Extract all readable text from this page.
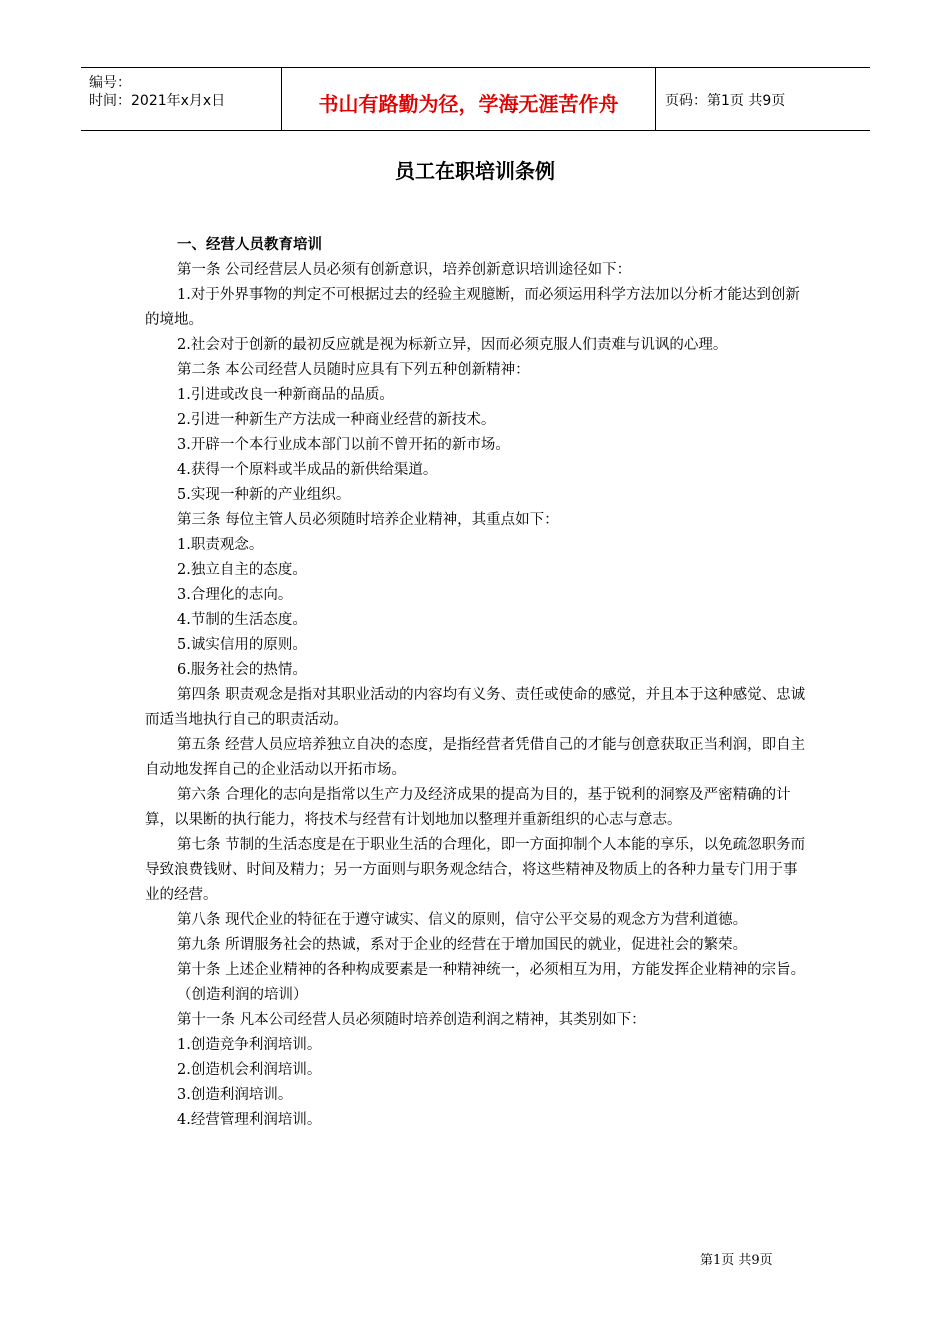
编号：
时间：2021年x月x日	书山有路勤为径，学海无涯苦作舟	页码：第1页 共9页
员工在职培训条例

一、经营人员教育培训

第一条 公司经营层人员必须有创新意识，培养创新意识培训途径如下：

1.对于外界事物的判定不可根据过去的经验主观臆断，而必须运用科学方法加以分析才能达到创新的境地。

2.社会对于创新的最初反应就是视为标新立异，因而必须克服人们责难与讥讽的心理。

第二条 本公司经营人员随时应具有下列五种创新精神：

1.引进或改良一种新商品的品质。

2.引进一种新生产方法成一种商业经营的新技术。

3.开辟一个本行业成本部门以前不曾开拓的新市场。

4.获得一个原料或半成品的新供给渠道。

5.实现一种新的产业组织。

第三条 每位主管人员必须随时培养企业精神，其重点如下：

1.职责观念。

2.独立自主的态度。

3.合理化的志向。

4.节制的生活态度。

5.诚实信用的原则。

6.服务社会的热情。

第四条 职责观念是指对其职业活动的内容均有义务、责任或使命的感觉，并且本于这种感觉、忠诚而适当地执行自己的职责活动。

第五条 经营人员应培养独立自决的态度，是指经营者凭借自己的才能与创意获取正当利润，即自主自动地发挥自己的企业活动以开拓市场。

第六条 合理化的志向是指常以生产力及经济成果的提高为目的，基于锐利的洞察及严密精确的计算，以果断的执行能力，将技术与经营有计划地加以整理并重新组织的心志与意志。

第七条 节制的生活态度是在于职业生活的合理化，即一方面抑制个人本能的享乐，以免疏忽职务而导致浪费钱财、时间及精力；另一方面则与职务观念结合，将这些精神及物质上的各种力量专门用于事业的经营。

第八条 现代企业的特征在于遵守诚实、信义的原则，信守公平交易的观念方为营利道德。

第九条 所谓服务社会的热诚，系对于企业的经营在于增加国民的就业，促进社会的繁荣。

第十条 上述企业精神的各种构成要素是一种精神统一，必须相互为用，方能发挥企业精神的宗旨。

（创造利润的培训）

第十一条 凡本公司经营人员必须随时培养创造利润之精神，其类别如下：

1.创造竞争利润培训。

2.创造机会利润培训。

3.创造利润培训。

4.经营管理利润培训。

第1页 共9页
